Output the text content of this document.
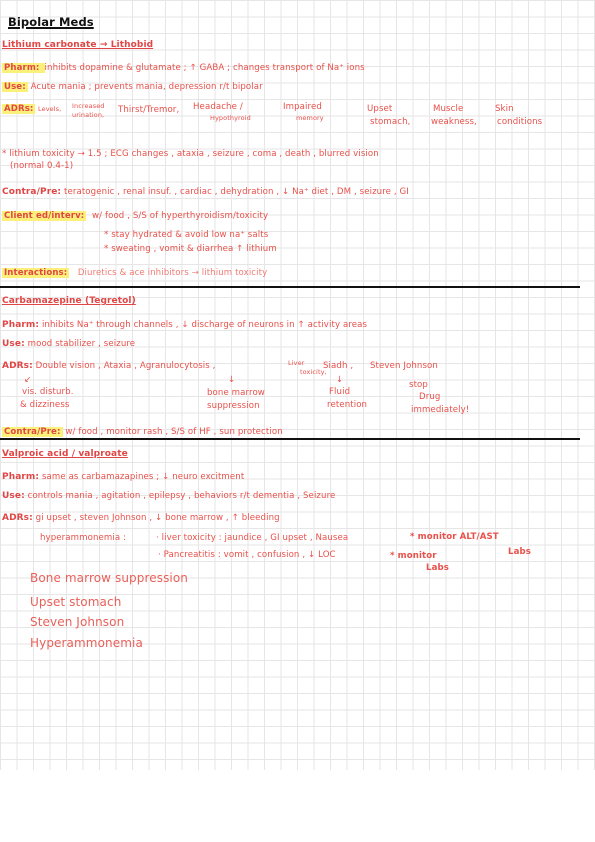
Bipolar Meds
Lithium carbonate → Lithobid
Pharm: inhibits dopamine & glutamate ; ↑ GABA ; changes transport of Na⁺ ions
Use: Acute mania ; prevents mania, depression r/t bipolar
ADRs: Levels, Increased
urination, Thirst/Tremor, Headache /
Hypothyroid
Impaired
memory
Upset
stomach,
Muscle
weakness,
Skin
conditions
* lithium toxicity → 1.5 ; ECG changes , ataxia , seizure , coma , death , blurred vision
(normal 0.4-1)
Contra/Pre: teratogenic , renal insuf. , cardiac , dehydration , ↓ Na⁺ diet , DM , seizure , GI
Client ed/interv: w/ food , S/S of hyperthyroidism/toxicity
* stay hydrated & avoid low na⁺ salts
* sweating , vomit & diarrhea ↑ lithium
Interactions: Diuretics & ace inhibitors → lithium toxicity
Carbamazepine (Tegretol)
Pharm: inhibits Na⁺ through channels , ↓ discharge of neurons in ↑ activity areas
Use: mood stabilizer , seizure
ADRs: Double vision , Ataxia , Agranulocytosis ,	Liver
toxicity,
Siadh , Steven Johnson
↙	↓	↓
vis. disturb.
& dizziness
bone marrow
suppression
Fluid
retention
stop
Drug
immediately!
Contra/Pre: w/ food , monitor rash , S/S of HF , sun protection
Valproic acid / valproate
Pharm: same as carbamazapines ; ↓ neuro excitment
Use: controls mania , agitation , epilepsy , behaviors r/t dementia , Seizure
ADRs: gi upset , steven Johnson , ↓ bone marrow , ↑ bleeding
hyperammonemia :	· liver toxicity : jaundice , GI upset , Nausea	* monitor ALT/AST
Labs
· Pancreatitis : vomit , confusion , ↓ LOC	* monitor
Labs
Bone marrow suppression
Upset stomach
Steven Johnson
Hyperammonemia
